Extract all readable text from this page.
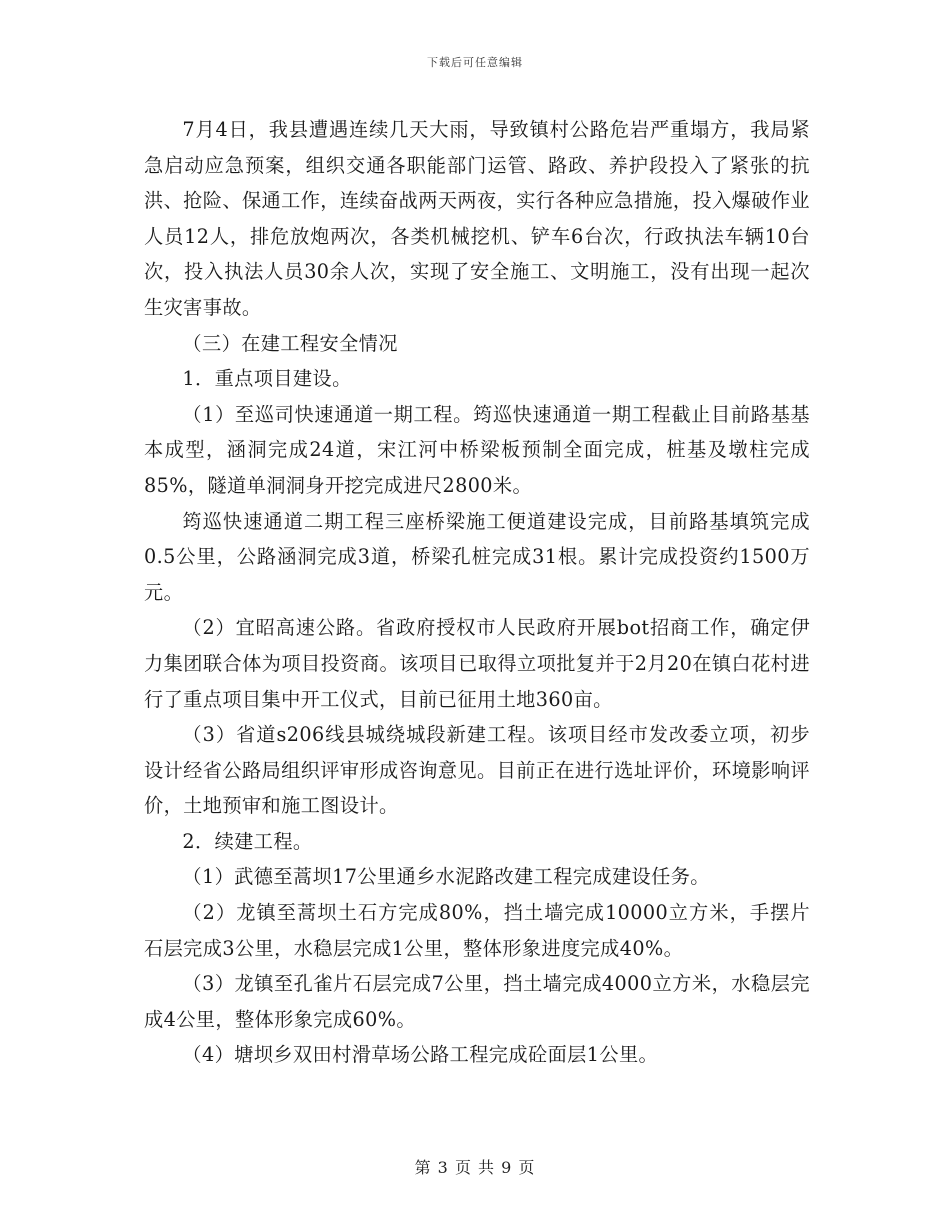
下载后可任意编辑

7月4日，我县遭遇连续几天大雨，导致镇村公路危岩严重塌方，我局紧急启动应急预案，组织交通各职能部门运管、路政、养护段投入了紧张的抗洪、抢险、保通工作，连续奋战两天两夜，实行各种应急措施，投入爆破作业人员12人，排危放炮两次，各类机械挖机、铲车6台次，行政执法车辆10台次，投入执法人员30余人次，实现了安全施工、文明施工，没有出现一起次生灾害事故。

（三）在建工程安全情况

1．重点项目建设。

（1）至巡司快速通道一期工程。筠巡快速通道一期工程截止目前路基基本成型，涵洞完成24道，宋江河中桥梁板预制全面完成，桩基及墩柱完成85%，隧道单洞洞身开挖完成进尺2800米。

筠巡快速通道二期工程三座桥梁施工便道建设完成，目前路基填筑完成0.5公里，公路涵洞完成3道，桥梁孔桩完成31根。累计完成投资约1500万元。

（2）宜昭高速公路。省政府授权市人民政府开展bot招商工作，确定伊力集团联合体为项目投资商。该项目已取得立项批复并于2月20在镇白花村进行了重点项目集中开工仪式，目前已征用土地360亩。

（3）省道s206线县城绕城段新建工程。该项目经市发改委立项，初步设计经省公路局组织评审形成咨询意见。目前正在进行选址评价，环境影响评价，土地预审和施工图设计。

2．续建工程。

（1）武德至蒿坝17公里通乡水泥路改建工程完成建设任务。

（2）龙镇至蒿坝土石方完成80%，挡土墙完成10000立方米，手摆片石层完成3公里，水稳层完成1公里，整体形象进度完成40%。

（3）龙镇至孔雀片石层完成7公里，挡土墙完成4000立方米，水稳层完成4公里，整体形象完成60%。

（4）塘坝乡双田村滑草场公路工程完成砼面层1公里。

第 3 页 共 9 页
